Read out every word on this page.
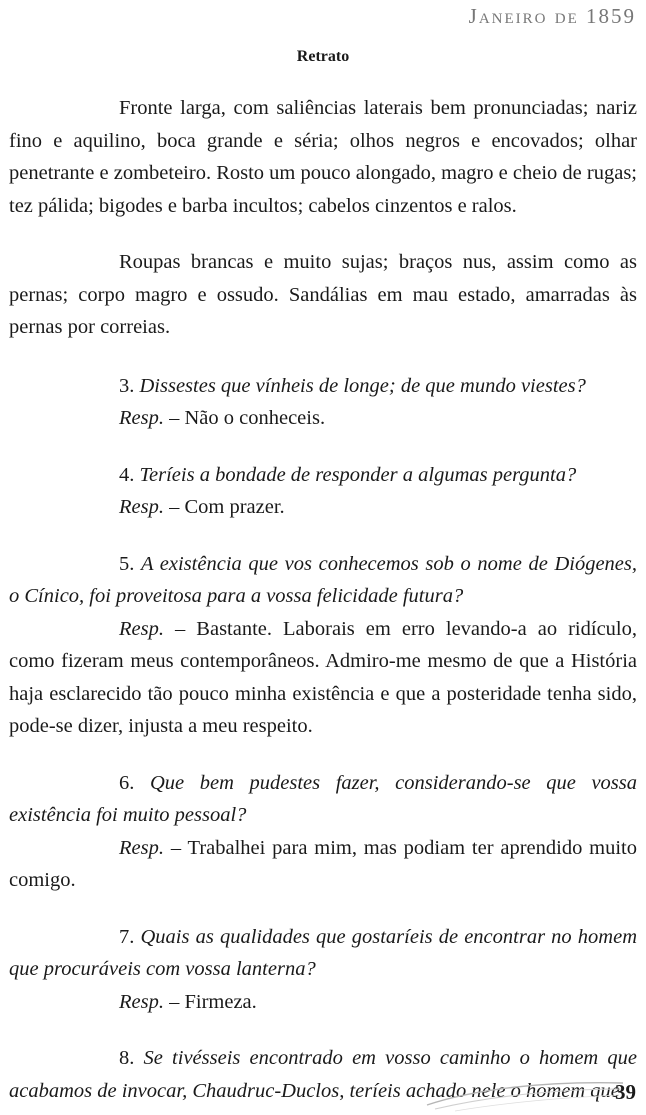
Janeiro de 1859
Retrato

Fronte larga, com saliências laterais bem pronunciadas; nariz fino e aquilino, boca grande e séria; olhos negros e encovados; olhar penetrante e zombeteiro. Rosto um pouco alongado, magro e cheio de rugas; tez pálida; bigodes e barba incultos; cabelos cinzentos e ralos.

Roupas brancas e muito sujas; braços nus, assim como as pernas; corpo magro e ossudo. Sandálias em mau estado, amarradas às pernas por correias.

3. Dissestes que vínheis de longe; de que mundo viestes?

Resp. – Não o conheceis.

4. Teríeis a bondade de responder a algumas pergunta?

Resp. – Com prazer.

5. A existência que vos conhecemos sob o nome de Diógenes, o Cínico, foi proveitosa para a vossa felicidade futura?

Resp. – Bastante. Laborais em erro levando-a ao ridículo, como fizeram meus contemporâneos. Admiro-me mesmo de que a História haja esclarecido tão pouco minha existência e que a posteridade tenha sido, pode-se dizer, injusta a meu respeito.

6. Que bem pudestes fazer, considerando-se que vossa existência foi muito pessoal?

Resp. – Trabalhei para mim, mas podiam ter aprendido muito comigo.

7. Quais as qualidades que gostaríeis de encontrar no homem que procuráveis com vossa lanterna?

Resp. – Firmeza.

8. Se tivésseis encontrado em vosso caminho o homem que acabamos de invocar, Chaudruc-Duclos, teríeis achado nele o homem que

39
